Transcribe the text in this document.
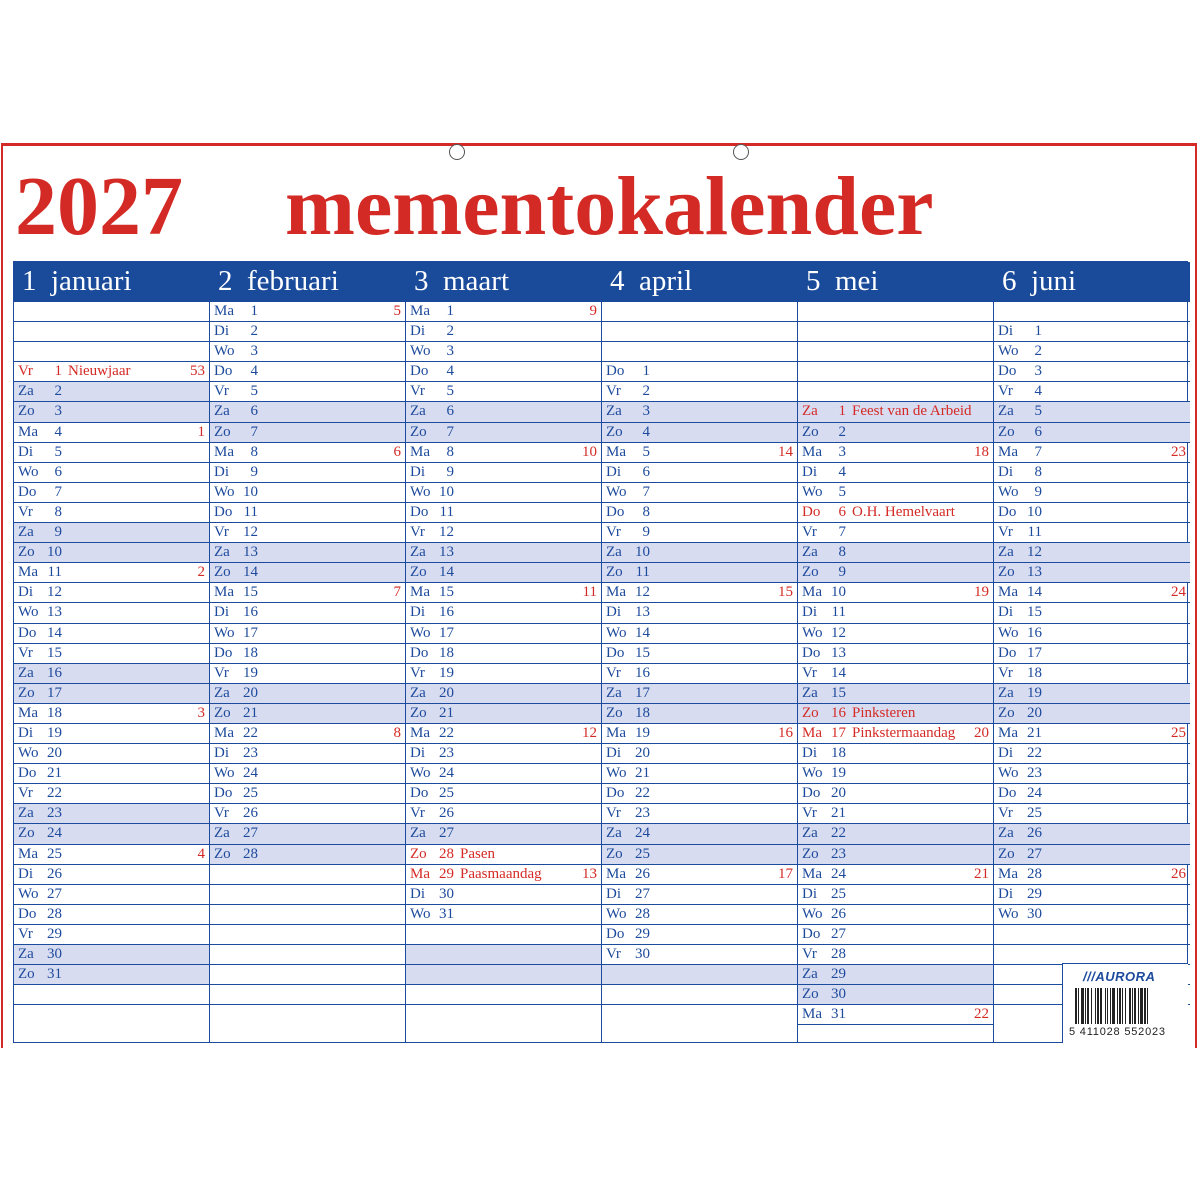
2027 mementokalender
1  januari
Vr	1 Nieuwjaar	53
Za	2
Zo	3
Ma	4	1
Di	5
Wo	6
Do	7
Vr	8
Za	9
Zo 10
Ma 11	2
Di 12
Wo 13
Do 14
Vr 15
Za 16
Zo 17
Ma 18	3
Di 19
Wo 20
Do 21
Vr 22
Za 23
Zo 24
Ma 25	4
Di 26
Wo 27
Do 28
Vr 29
Za 30
Zo 31
2  februari
Ma	1	5
Di	2
Wo	3
Do	4
Vr	5
Za	6
Zo	7
Ma	8	6
Di	9
Wo 10
Do 11
Vr 12
Za 13
Zo 14
Ma 15	7
Di 16
Wo 17
Do 18
Vr 19
Za 20
Zo 21
Ma 22	8
Di 23
Wo 24
Do 25
Vr 26
Za 27
Zo 28
3  maart
Ma	1	9
Di	2
Wo	3
Do	4
Vr	5
Za	6
Zo	7
Ma	8	10
Di	9
Wo 10
Do 11
Vr 12
Za 13
Zo 14
Ma 15	11
Di 16
Wo 17
Do 18
Vr 19
Za 20
Zo 21
Ma 22	12
Di 23
Wo 24
Do 25
Vr 26
Za 27
Zo 28 Pasen
Ma 29 Paasmaandag	13
Di 30
Wo 31
4  april
Do	1
Vr	2
Za	3
Zo	4
Ma	5	14
Di	6
Wo	7
Do	8
Vr	9
Za 10
Zo 11
Ma 12	15
Di 13
Wo 14
Do 15
Vr 16
Za 17
Zo 18
Ma 19	16
Di 20
Wo 21
Do 22
Vr 23
Za 24
Zo 25
Ma 26	17
Di 27
Wo 28
Do 29
Vr 30
5  mei
Za	1 Feest van de Arbeid
Zo	2
Ma	3	18
Di	4
Wo	5
Do	6 O.H. Hemelvaart
Vr	7
Za	8
Zo	9
Ma 10	19
Di 11
Wo 12
Do 13
Vr 14
Za 15
Zo 16 Pinksteren
Ma 17 Pinkstermaandag 20
Di 18
Wo 19
Do 20
Vr 21
Za 22
Zo 23
Ma 24	21
Di 25
Wo 26
Do 27
Vr 28
Za 29
Zo 30
Ma 31	22
6  juni
Di	1
Wo	2
Do	3
Vr	4
Za	5
Zo	6
Ma	7	23
Di	8
Wo	9
Do 10
Vr 11
Za 12
Zo 13
Ma 14	24
Di 15
Wo 16
Do 17
Vr 18
Za 19
Zo 20
Ma 21	25
Di 22
Wo 23
Do 24
Vr 25
Za 26
Zo 27
Ma 28	26
Di 29
Wo 30
///AURORA
5 411028 552023
